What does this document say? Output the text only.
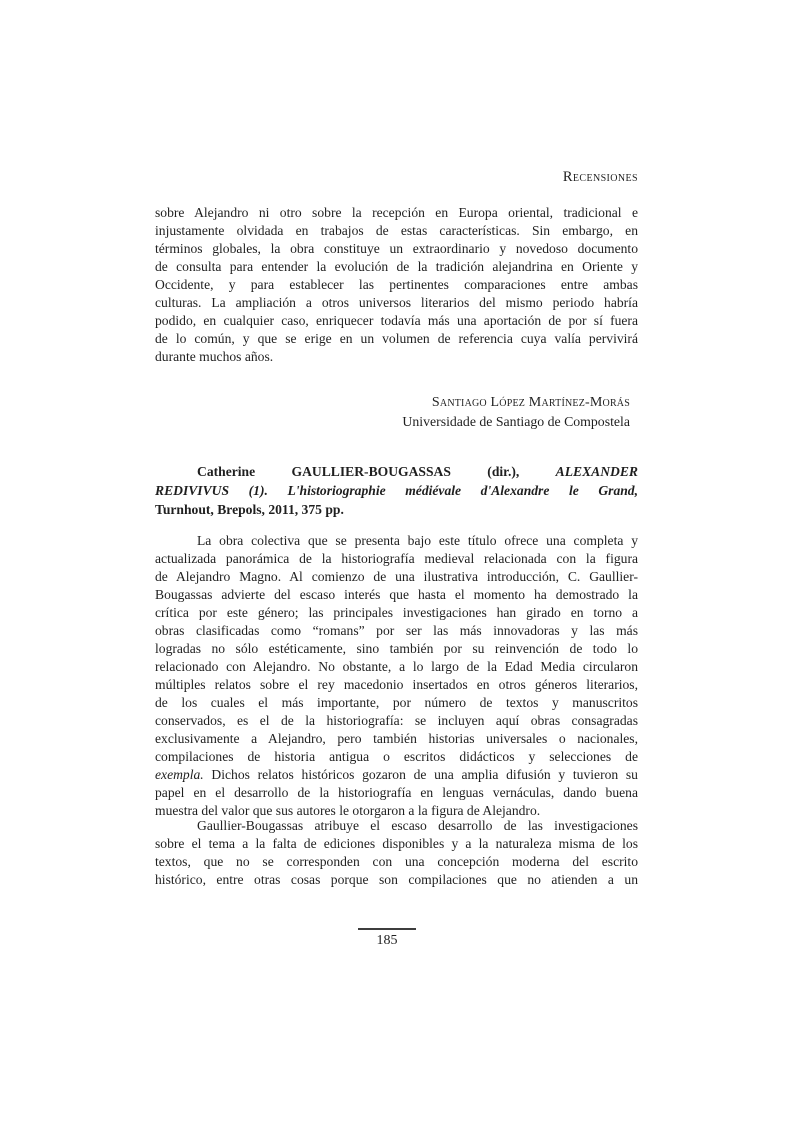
Recensiones
sobre Alejandro ni otro sobre la recepción en Europa oriental, tradicional e
injustamente olvidada en trabajos de estas características. Sin embargo, en
términos globales, la obra constituye un extraordinario y novedoso documento
de consulta para entender la evolución de la tradición alejandrina en Oriente y
Occidente, y para establecer las pertinentes comparaciones entre ambas
culturas. La ampliación a otros universos literarios del mismo periodo habría
podido, en cualquier caso, enriquecer todavía más una aportación de por sí fuera
de lo común, y que se erige en un volumen de referencia cuya valía pervivirá
durante muchos años.
Santiago López Martínez-Morás
Universidade de Santiago de Compostela
Catherine GAULLIER-BOUGASSAS (dir.),	ALEXANDER
REDIVIVUS (1). L'historiographie médiévale d'Alexandre le Grand,
Turnhout, Brepols, 2011, 375 pp.
La obra colectiva que se presenta bajo este título ofrece una completa y
actualizada panorámica de la historiografía medieval relacionada con la figura
de Alejandro Magno. Al comienzo de una ilustrativa introducción, C. Gaullier-
Bougassas advierte del escaso interés que hasta el momento ha demostrado la
crítica por este género; las principales investigaciones han girado en torno a
obras clasificadas como “romans” por ser las más innovadoras y las más
logradas no sólo estéticamente, sino también por su reinvención de todo lo
relacionado con Alejandro. No obstante, a lo largo de la Edad Media circularon
múltiples relatos sobre el rey macedonio insertados en otros géneros literarios,
de los cuales el más importante, por número de textos y manuscritos
conservados, es el de la historiografía: se incluyen aquí obras consagradas
exclusivamente a Alejandro, pero también historias universales o nacionales,
compilaciones de historia antigua o escritos didácticos y selecciones de
exempla. Dichos relatos históricos gozaron de una amplia difusión y tuvieron su
papel en el desarrollo de la historiografía en lenguas vernáculas, dando buena
muestra del valor que sus autores le otorgaron a la figura de Alejandro.
Gaullier-Bougassas atribuye el escaso desarrollo de las investigaciones
sobre el tema a la falta de ediciones disponibles y a la naturaleza misma de los
textos, que no se corresponden con una concepción moderna del escrito
histórico, entre otras cosas porque son compilaciones que no atienden a un
185
